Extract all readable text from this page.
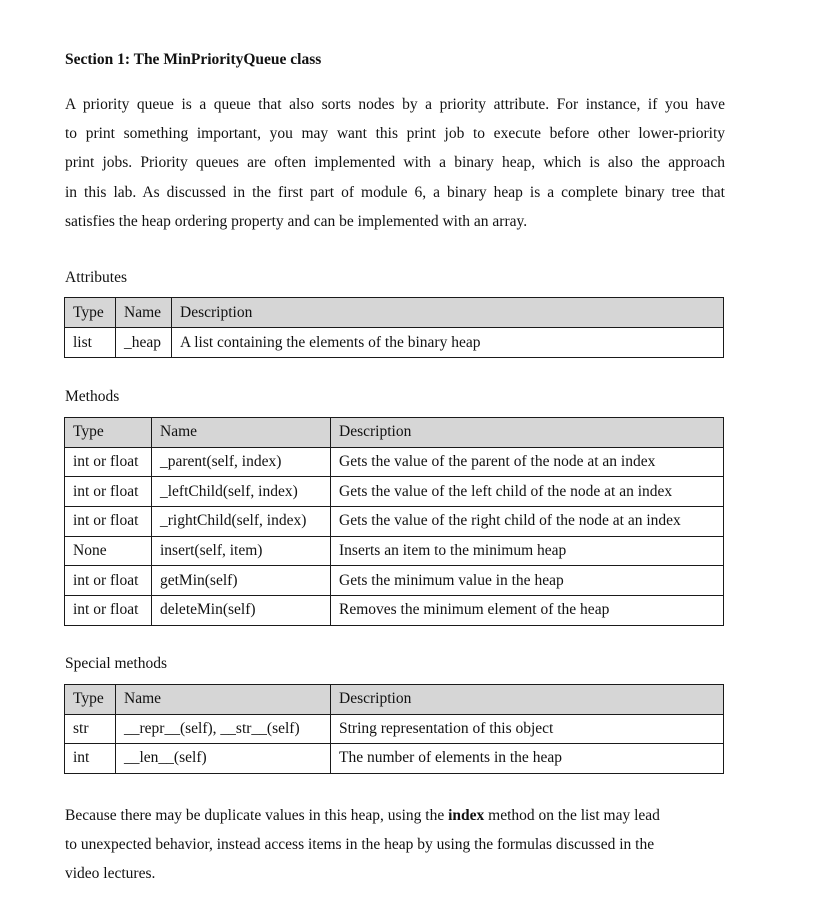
Section 1: The MinPriorityQueue class
A priority queue is a queue that also sorts nodes by a priority attribute. For instance, if you have
to print something important, you may want this print job to execute before other lower-priority
print jobs. Priority queues are often implemented with a binary heap, which is also the approach
in this lab. As discussed in the first part of module 6, a binary heap is a complete binary tree that
satisfies the heap ordering property and can be implemented with an array.
Attributes
Type	Name	Description
list	_heap	A list containing the elements of the binary heap
Methods
Type	Name	Description
int or float	_parent(self, index)	Gets the value of the parent of the node at an index
int or float	_leftChild(self, index)	Gets the value of the left child of the node at an index
int or float	_rightChild(self, index)	Gets the value of the right child of the node at an index
None	insert(self, item)	Inserts an item to the minimum heap
int or float	getMin(self)	Gets the minimum value in the heap
int or float	deleteMin(self)	Removes the minimum element of the heap
Special methods
Type	Name	Description
str	__repr__(self), __str__(self)	String representation of this object
int	__len__(self)	The number of elements in the heap
Because there may be duplicate values in this heap, using the index method on the list may lead
to unexpected behavior, instead access items in the heap by using the formulas discussed in the
video lectures.
